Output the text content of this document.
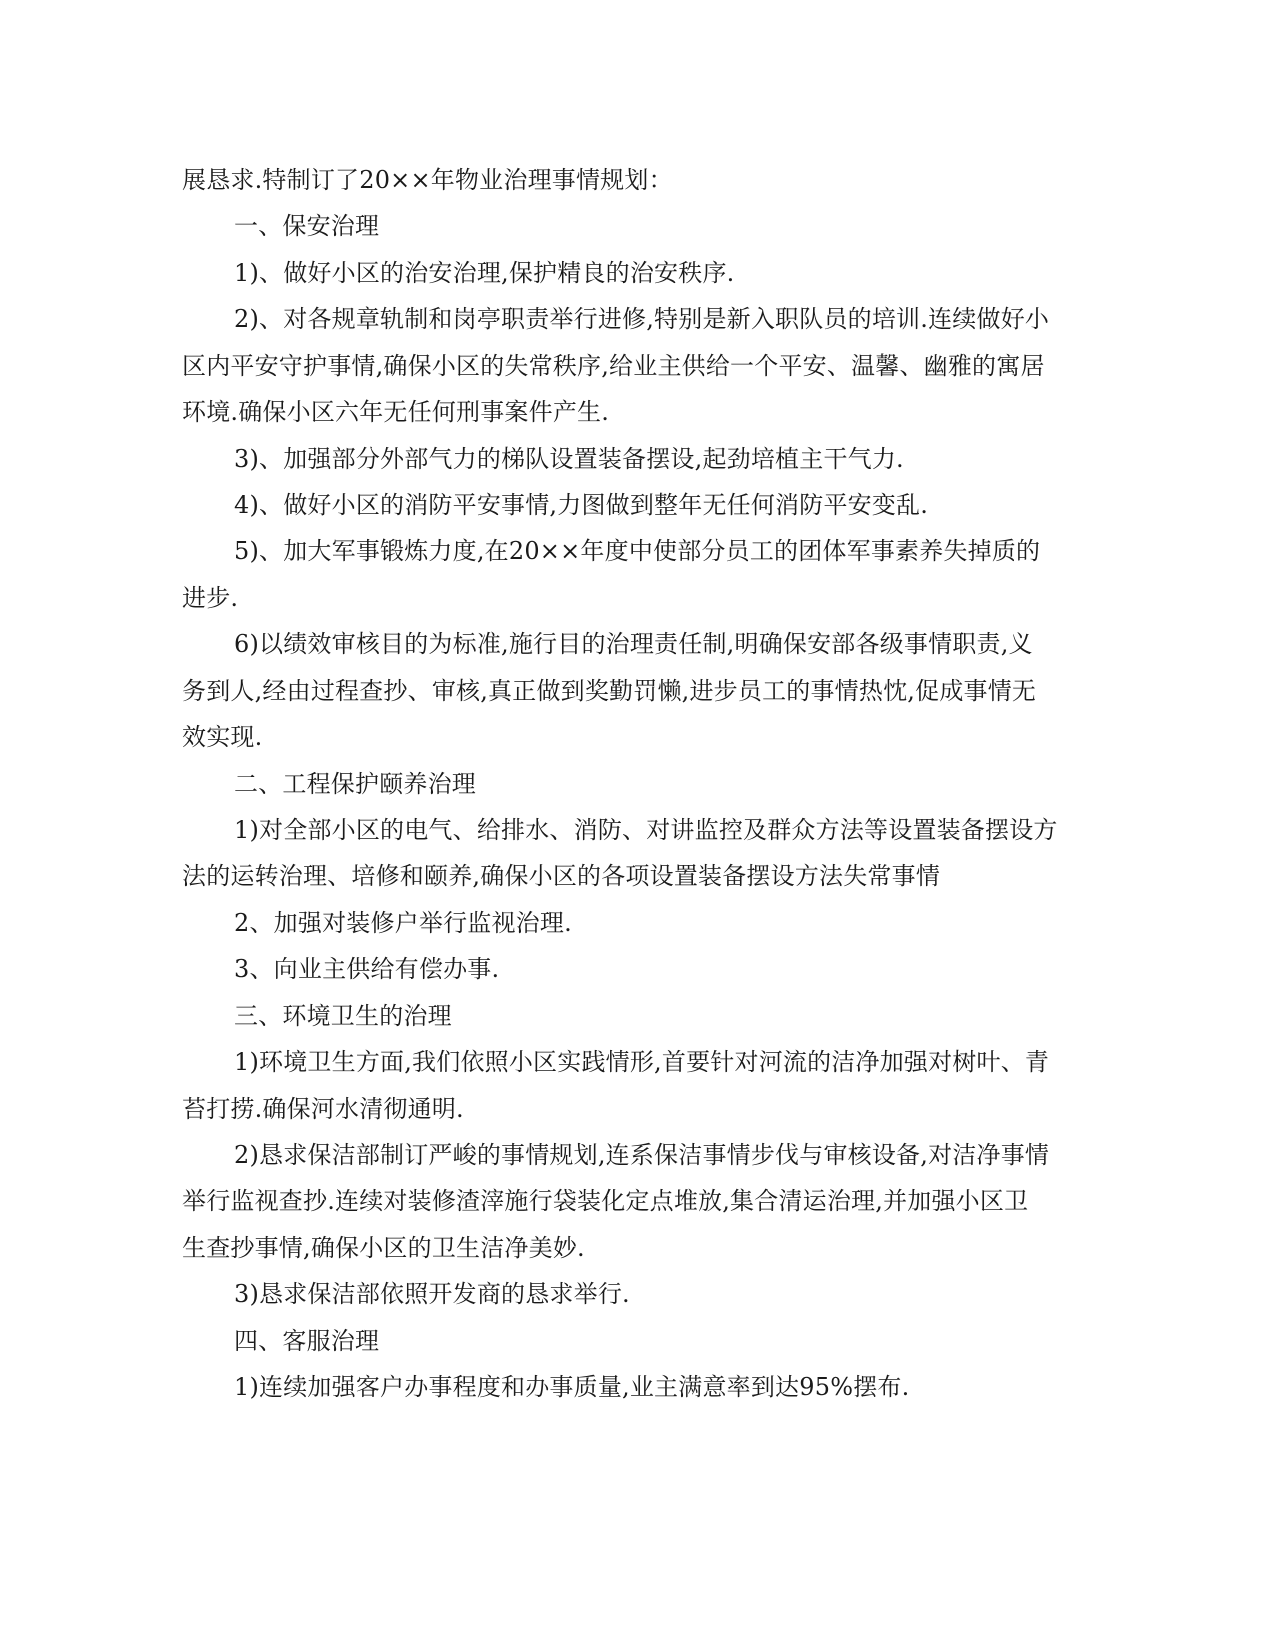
展恳求.特制订了20××年物业治理事情规划：
一、保安治理
1)、做好小区的治安治理,保护精良的治安秩序.
2)、对各规章轨制和岗亭职责举行进修,特别是新入职队员的培训.连续做好小
区内平安守护事情,确保小区的失常秩序,给业主供给一个平安、温馨、幽雅的寓居
环境.确保小区六年无任何刑事案件产生.
3)、加强部分外部气力的梯队设置装备摆设,起劲培植主干气力.
4)、做好小区的消防平安事情,力图做到整年无任何消防平安变乱.
5)、加大军事锻炼力度,在20××年度中使部分员工的团体军事素养失掉质的
进步.
6)以绩效审核目的为标准,施行目的治理责任制,明确保安部各级事情职责,义
务到人,经由过程查抄、审核,真正做到奖勤罚懒,进步员工的事情热忱,促成事情无
效实现.
二、工程保护颐养治理
1)对全部小区的电气、给排水、消防、对讲监控及群众方法等设置装备摆设方
法的运转治理、培修和颐养,确保小区的各项设置装备摆设方法失常事情
2、加强对装修户举行监视治理.
3、向业主供给有偿办事.
三、环境卫生的治理
1)环境卫生方面,我们依照小区实践情形,首要针对河流的洁净加强对树叶、青
苔打捞.确保河水清彻通明.
2)恳求保洁部制订严峻的事情规划,连系保洁事情步伐与审核设备,对洁净事情
举行监视查抄.连续对装修渣滓施行袋装化定点堆放,集合清运治理,并加强小区卫
生查抄事情,确保小区的卫生洁净美妙.
3)恳求保洁部依照开发商的恳求举行.
四、客服治理
1)连续加强客户办事程度和办事质量,业主满意率到达95%摆布.
